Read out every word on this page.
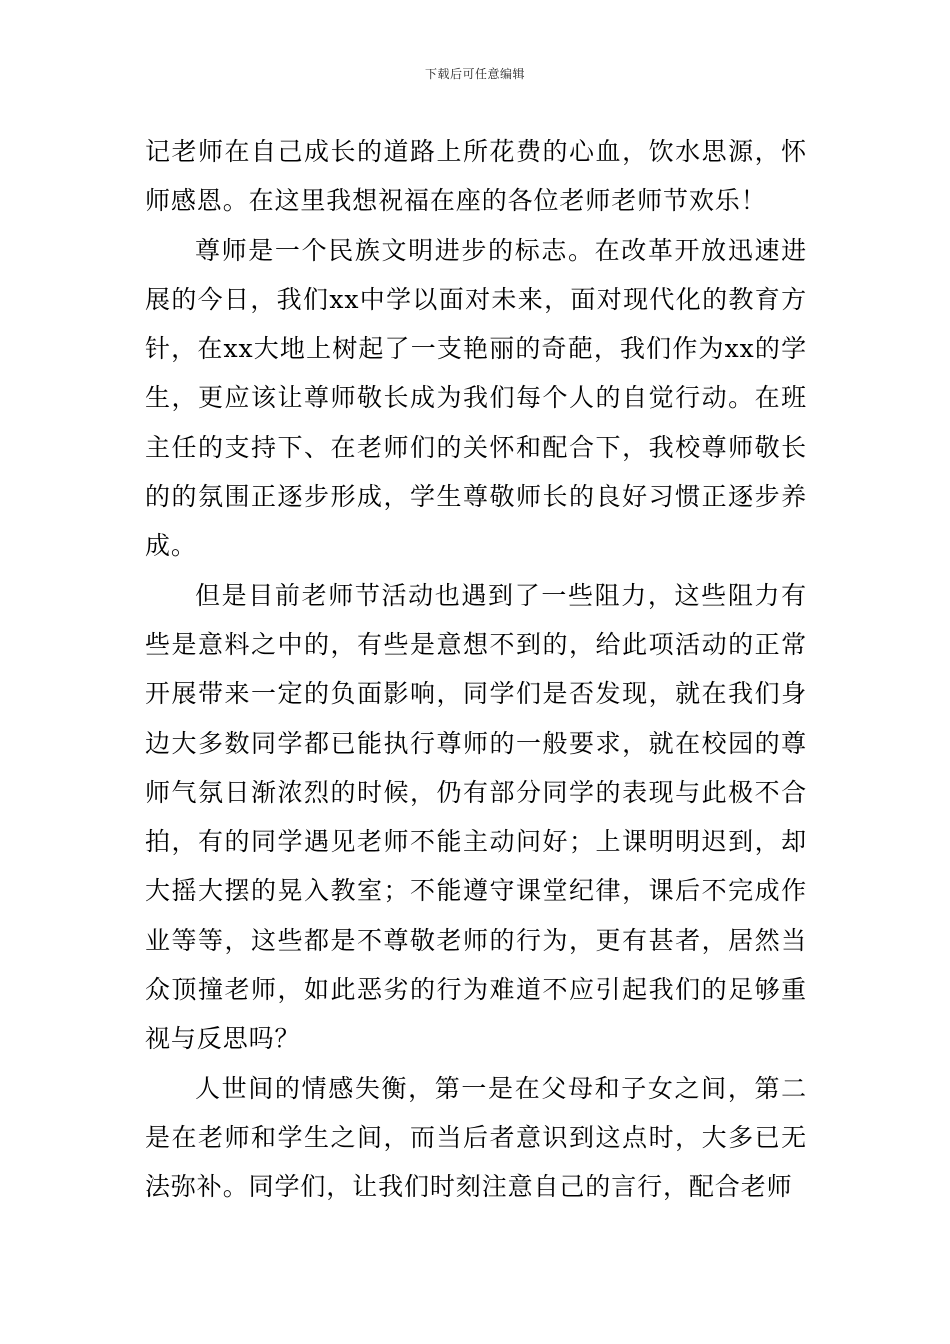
下载后可任意编辑

记老师在自己成长的道路上所花费的心血，饮水思源，怀师感恩。在这里我想祝福在座的各位老师老师节欢乐！

尊师是一个民族文明进步的标志。在改革开放迅速进展的今日，我们xx中学以面对未来，面对现代化的教育方针，在xx大地上树起了一支艳丽的奇葩，我们作为xx的学生，更应该让尊师敬长成为我们每个人的自觉行动。在班主任的支持下、在老师们的关怀和配合下，我校尊师敬长的的氛围正逐步形成，学生尊敬师长的良好习惯正逐步养成。

但是目前老师节活动也遇到了一些阻力，这些阻力有些是意料之中的，有些是意想不到的，给此项活动的正常开展带来一定的负面影响，同学们是否发现，就在我们身边大多数同学都已能执行尊师的一般要求，就在校园的尊师气氛日渐浓烈的时候，仍有部分同学的表现与此极不合拍，有的同学遇见老师不能主动问好；上课明明迟到，却大摇大摆的晃入教室；不能遵守课堂纪律，课后不完成作业等等，这些都是不尊敬老师的行为，更有甚者，居然当众顶撞老师，如此恶劣的行为难道不应引起我们的足够重视与反思吗？

人世间的情感失衡，第一是在父母和子女之间，第二是在老师和学生之间，而当后者意识到这点时，大多已无法弥补。同学们，让我们时刻注意自己的言行，配合老师
